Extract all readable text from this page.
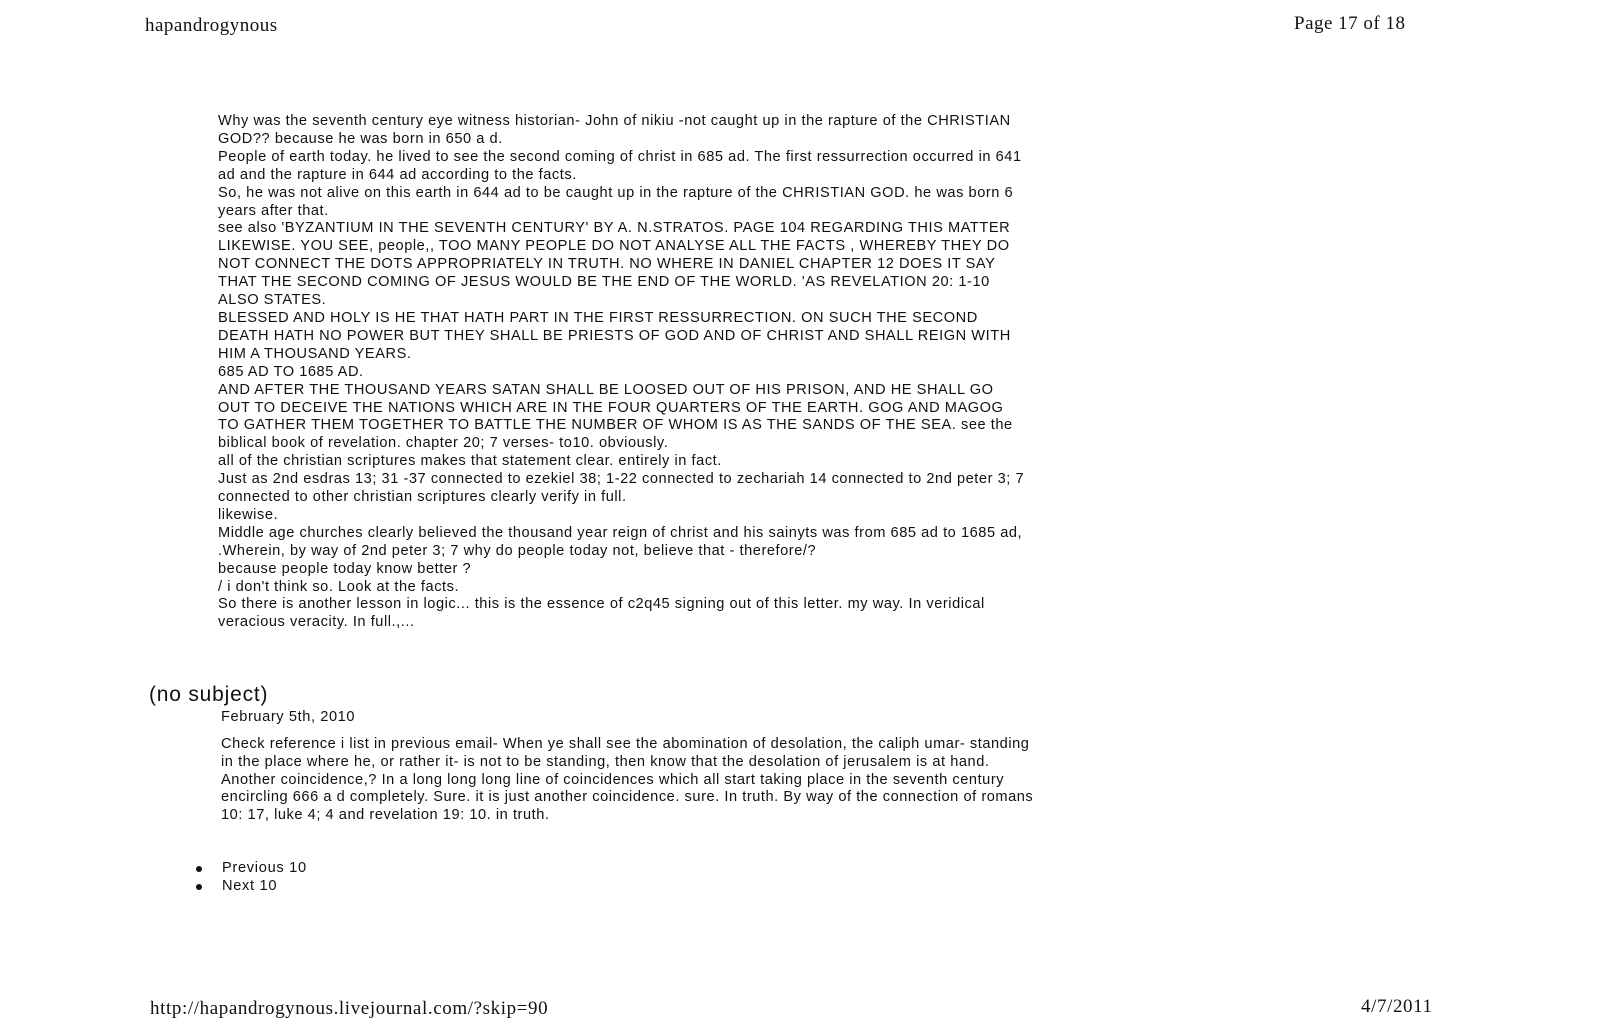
hapandrogynous	Page 17 of 18
Why was the seventh century eye witness historian- John of nikiu -not caught up in the rapture of the CHRISTIAN
GOD?? because he was born in 650 a d.
People of earth today. he lived to see the second coming of christ in 685 ad. The first ressurrection occurred in 641
ad and the rapture in 644 ad according to the facts.
So, he was not alive on this earth in 644 ad to be caught up in the rapture of the CHRISTIAN GOD. he was born 6
years after that.
see also 'BYZANTIUM IN THE SEVENTH CENTURY' BY A. N.STRATOS. PAGE 104 REGARDING THIS MATTER
LIKEWISE. YOU SEE, people,, TOO MANY PEOPLE DO NOT ANALYSE ALL THE FACTS , WHEREBY THEY DO
NOT CONNECT THE DOTS APPROPRIATELY IN TRUTH. NO WHERE IN DANIEL CHAPTER 12 DOES IT SAY
THAT THE SECOND COMING OF JESUS WOULD BE THE END OF THE WORLD. 'AS REVELATION 20: 1-10
ALSO STATES.
BLESSED AND HOLY IS HE THAT HATH PART IN THE FIRST RESSURRECTION. ON SUCH THE SECOND
DEATH HATH NO POWER BUT THEY SHALL BE PRIESTS OF GOD AND OF CHRIST AND SHALL REIGN WITH
HIM A THOUSAND YEARS.
685 AD TO 1685 AD.
AND AFTER THE THOUSAND YEARS SATAN SHALL BE LOOSED OUT OF HIS PRISON, AND HE SHALL GO
OUT TO DECEIVE THE NATIONS WHICH ARE IN THE FOUR QUARTERS OF THE EARTH. GOG AND MAGOG
TO GATHER THEM TOGETHER TO BATTLE THE NUMBER OF WHOM IS AS THE SANDS OF THE SEA. see the
biblical book of revelation. chapter 20; 7 verses- to10. obviously.
all of the christian scriptures makes that statement clear. entirely in fact.
Just as 2nd esdras 13; 31 -37 connected to ezekiel 38; 1-22 connected to zechariah 14 connected to 2nd peter 3; 7
connected to other christian scriptures clearly verify in full.
likewise.
Middle age churches clearly believed the thousand year reign of christ and his sainyts was from 685 ad to 1685 ad,
.Wherein, by way of 2nd peter 3; 7 why do people today not, believe that - therefore/?
because people today know better ?
/ i don't think so. Look at the facts.
So there is another lesson in logic... this is the essence of c2q45 signing out of this letter. my way. In veridical
veracious veracity. In full.,...
(no subject)
February 5th, 2010
Check reference i list in previous email- When ye shall see the abomination of desolation, the caliph umar- standing
in the place where he, or rather it- is not to be standing, then know that the desolation of jerusalem is at hand.
Another coincidence,? In a long long long line of coincidences which all start taking place in the seventh century
encircling 666 a d completely. Sure. it is just another coincidence. sure. In truth. By way of the connection of romans
10: 17, luke 4; 4 and revelation 19: 10. in truth.
Previous 10
Next 10
http://hapandrogynous.livejournal.com/?skip=90	4/7/2011
